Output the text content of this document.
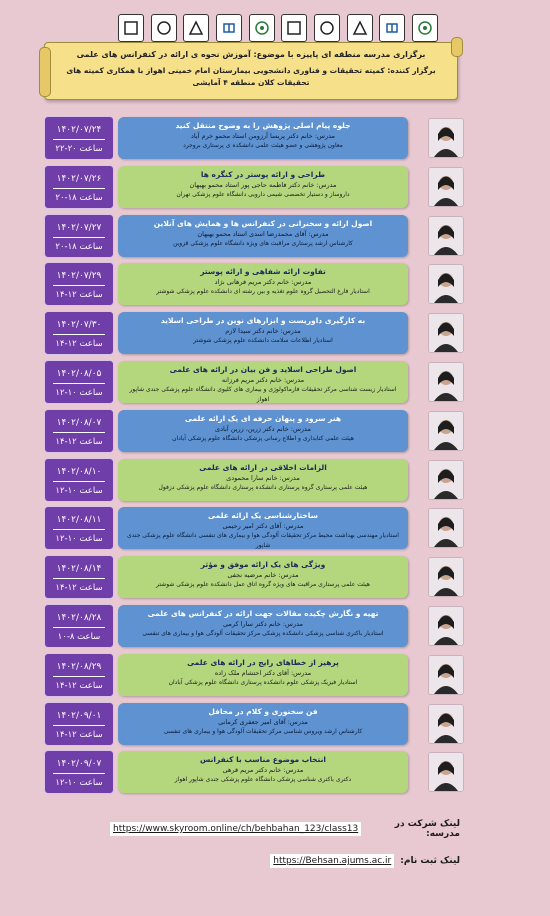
برگزاری مدرسه منطقه ای پاییزه با موضوع: آموزش نحوه ی ارائه در کنفرانس های علمی
برگزار کننده: کمیته تحقیقات و فناوری دانشجویی بیمارستان امام خمینی اهواز با همکاری کمیته های تحقیقات کلان منطقه ۴ آمایشی
۱۴۰۲/۰۷/۲۴
ساعت ۲۰-۲۲
جلوه پیام اصلی پژوهش را به وضوح منتقل کنید
مدرس: خانم دکتر پریسا آرزومن استاد محمو خرم آباد
معاون پژوهشی و عضو هیئت علمی دانشکده ی پرستاری بروجرد
۱۴۰۲/۰۷/۲۶
ساعت ۱۸-۲۰
طراحی و ارائه پوستر در کنگره ها
مدرس: خانم دکتر فاطمه حاجی پور استاد محمو بهبهان
داروساز و دستیار تخصصی شیمی دارویی دانشگاه علوم پزشکی تهران
۱۴۰۲/۰۷/۲۷
ساعت ۱۸-۲۰
اصول ارائه و سخنرانی در کنفرانس ها و همایش های آنلاین
مدرس: آقای محمدرضا اسدی استاد محمو بهبهان
کارشناس ارشد پرستاری مراقبت های ویژه دانشگاه علوم پزشکی قزوین
۱۴۰۲/۰۷/۲۹
ساعت ۱۲-۱۴
تفاوت ارائه شفاهی و ارائه پوستر
مدرس: خانم دکتر مریم فرهانی نژاد
استادیار فارغ التحصیل گروه علوم تغذیه و بین رشته ای دانشکده علوم پزشکی شوشتر
۱۴۰۲/۰۷/۳۰
ساعت ۱۲-۱۴
به کارگیری داوریست و ابزارهای نوین در طراحی اسلاید
مدرس: خانم دکتر سیدا لازم
استادیار اطلاعات سلامت دانشکده علوم پزشکی شوشتر
۱۴۰۲/۰۸/۰۵
ساعت ۱۰-۱۲
اصول طراحی اسلاید و فن بیان در ارائه های علمی
مدرس: خانم دکتر مریم فرزانه
استادیار زیست شناسی مرکز تحقیقات فارماکولوژی و بیماری های کلیوی دانشگاه علوم پزشکی جندی شاپور اهواز
۱۴۰۲/۰۸/۰۷
ساعت ۱۲-۱۴
هنر سرود و پنهان حرفه ای یک ارائه علمی
مدرس: خانم دکتر زرین، زرین آبادی
هیئت علمی کتابداری و اطلاع رسانی پزشکی دانشگاه علوم پزشکی آبادان
۱۴۰۲/۰۸/۱۰
ساعت ۱۰-۱۲
الزامات اخلاقی در ارائه های علمی
مدرس: خانم سارا محمودی
هیئت علمی پرستاری گروه پرستاری دانشکده پرستاری دانشگاه علوم پزشکی دزفول
۱۴۰۲/۰۸/۱۱
ساعت ۱۰-۱۲
ساختارشناسی یک ارائه علمی
مدرس: آقای دکتر امیر رحیمی
استادیار مهندسی بهداشت محیط مرکز تحقیقات آلودگی هوا و بیماری های تنفسی دانشگاه علوم پزشکی جندی شاپور
۱۴۰۲/۰۸/۱۴
ساعت ۱۲-۱۴
ویژگی های یک ارائه موفق و مؤثر
مدرس: خانم مرضیه نجفی
هیئت علمی پرستاری مراقبت های ویژه گروه اتاق عمل دانشکده علوم پزشکی شوشتر
۱۴۰۲/۰۸/۲۸
ساعت ۸-۱۰
تهیه و نگارش چکیده مقالات جهت ارائه در کنفرانس های علمی
مدرس: خانم دکتر سارا کرمی
استادیار باکتری شناسی پزشکی دانشکده پزشکی مرکز تحقیقات آلودگی هوا و بیماری های تنفسی
۱۴۰۲/۰۸/۲۹
ساعت ۱۲-۱۴
پرهیز از خطاهای رایج در ارائه های علمی
مدرس: آقای دکتر احتشام ملک زاده
استادیار فیزیک پزشکی علوم دانشکده پرستاری دانشگاه علوم پزشکی آبادان
۱۴۰۲/۰۹/۰۱
ساعت ۱۲-۱۴
فن سخنوری و کلام در محافل
مدرس: آقای امیر جعفری کرمانی
کارشناس ارشد ویروس شناسی مرکز تحقیقات آلودگی هوا و بیماری های تنفسی
۱۴۰۲/۰۹/۰۷
ساعت ۱۰-۱۲
انتخاب موضوع مناسب با کنفرانس
مدرس: خانم دکتر مریم قرهی
دکتری باکتری شناسی پزشکی دانشگاه علوم پزشکی جندی شاپور اهواز
لینک شرکت در مدرسه:
https://www.skyroom.online/ch/behbahan_123/class13
لینک ثبت نام:
https://Behsan.ajums.ac.ir
